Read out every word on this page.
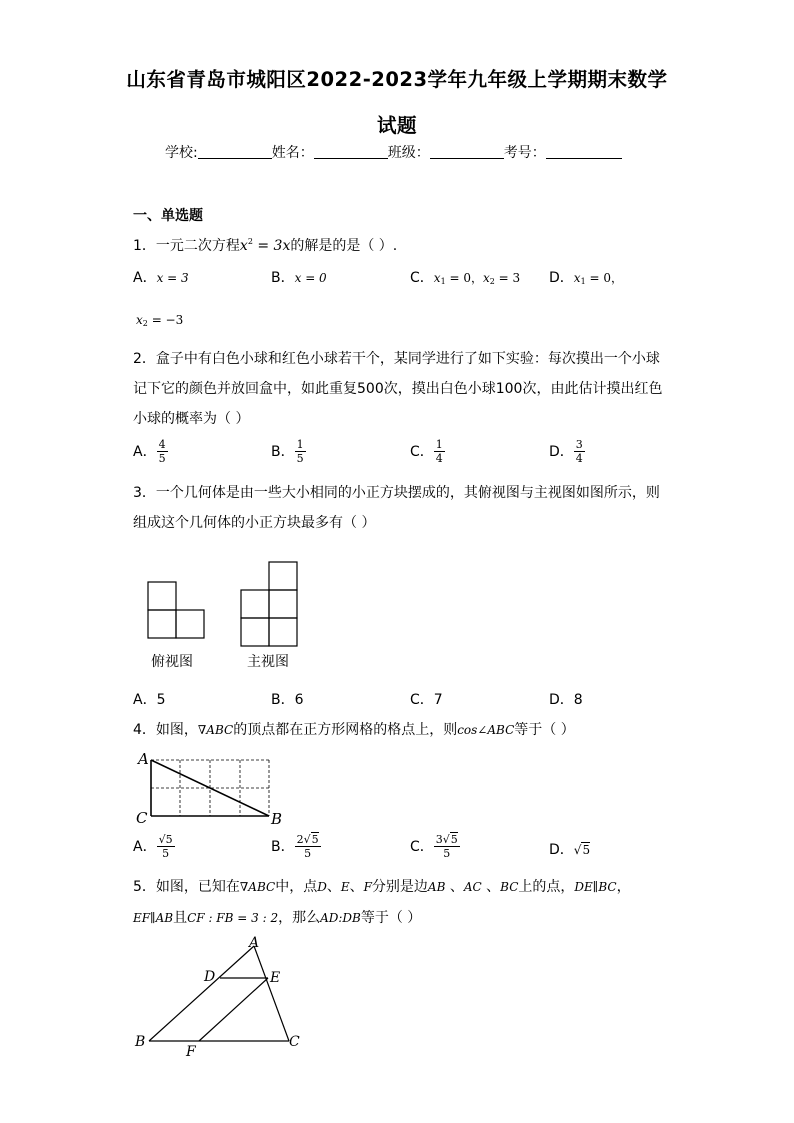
山东省青岛市城阳区2022-2023学年九年级上学期期末数学
试题
学校:	姓名：	班级：	考号：
一、单选题
1．一元二次方程$x^2 = 3x$的解是的是（ ）.
A．x = 3	B．x = 0	C．$x_1 = 0$，$x_2 = 3$ D．$x_1 = 0$，
$x_2 = -3$
2．盒子中有白色小球和红色小球若干个，某同学进行了如下实验：每次摸出一个小球
记下它的颜色并放回盒中，如此重复500次，摸出白色小球100次，由此估计摸出红色
小球的概率为（ ）
A． $\frac{4}{5}$	B． $\frac{1}{5}$	C． $\frac{1}{4}$	D． $\frac{3}{4}$
3．一个几何体是由一些大小相同的小正方块摆成的，其俯视图与主视图如图所示，则
组成这个几何体的小正方块最多有（ ）
俯视图	主视图
A．5	B．6	C．7	D．8
4．如图，∇ABC的顶点都在正方形网格的格点上，则cos∠ABC等于（ ）
A
C	B
A． $\frac{√5}{5}$	B． $\frac{2√5}{5}$	C． $\frac{3√5}{5}$	D．√5
5．如图，已知在∇ABC中，点D、E、F分别是边AB 、AC 、BC上的点，DE∥BC，
EF∥AB且CF : FB = 3 : 2，那么AD:DB等于（ ）
A
D	E
B
F
C
